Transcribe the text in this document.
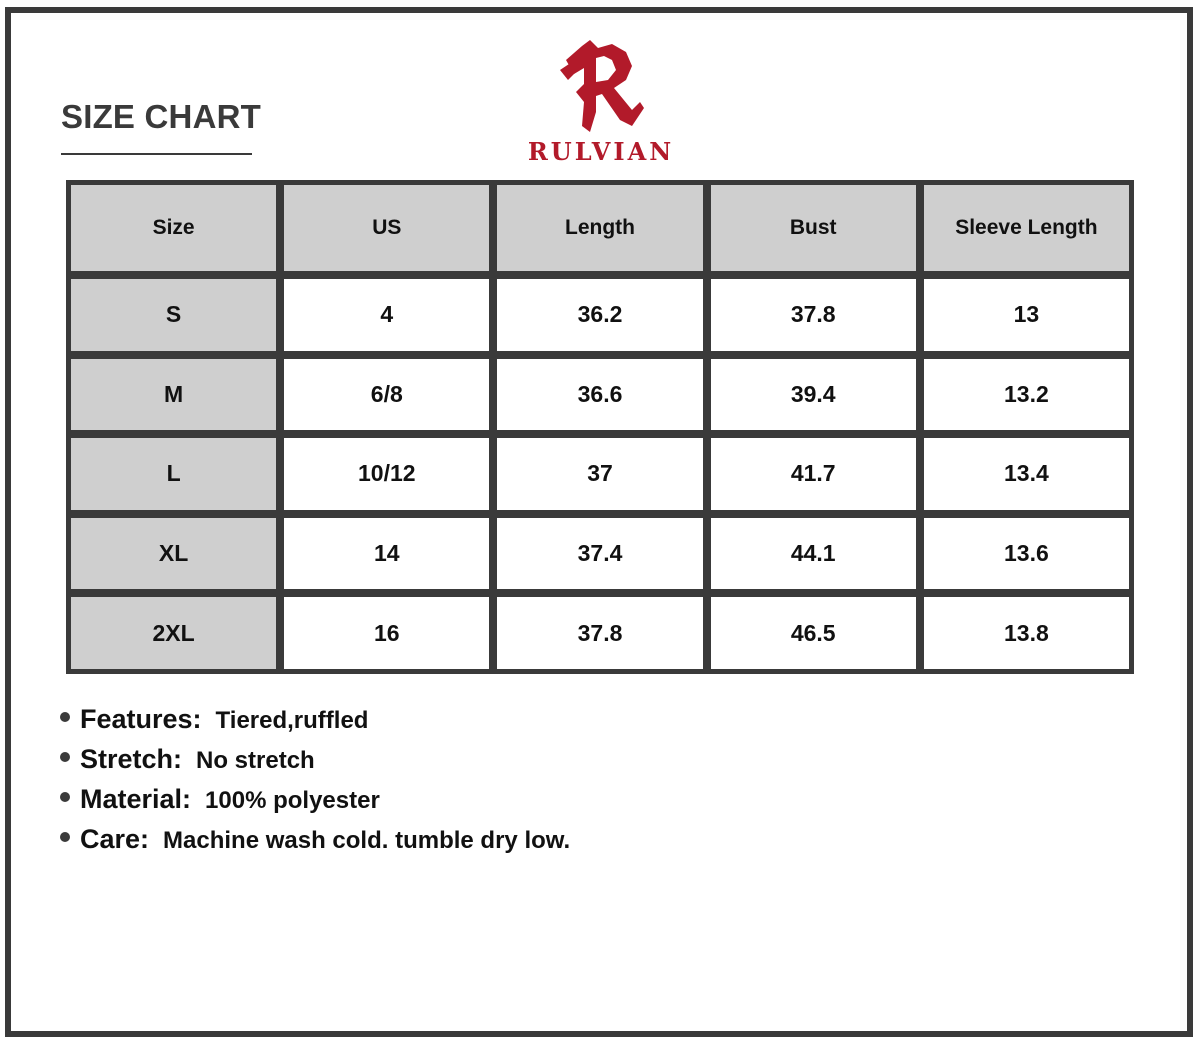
SIZE CHART
RULVIAN
Size	US	Length	Bust	Sleeve Length
S	4	36.2	37.8	13
M	6/8	36.6	39.4	13.2
L	10/12	37	41.7	13.4
XL	14	37.4	44.1	13.6
2XL	16	37.8	46.5	13.8
Features: Tiered,ruffled
Stretch: No stretch
Material: 100% polyester
Care: Machine wash cold. tumble dry low.
